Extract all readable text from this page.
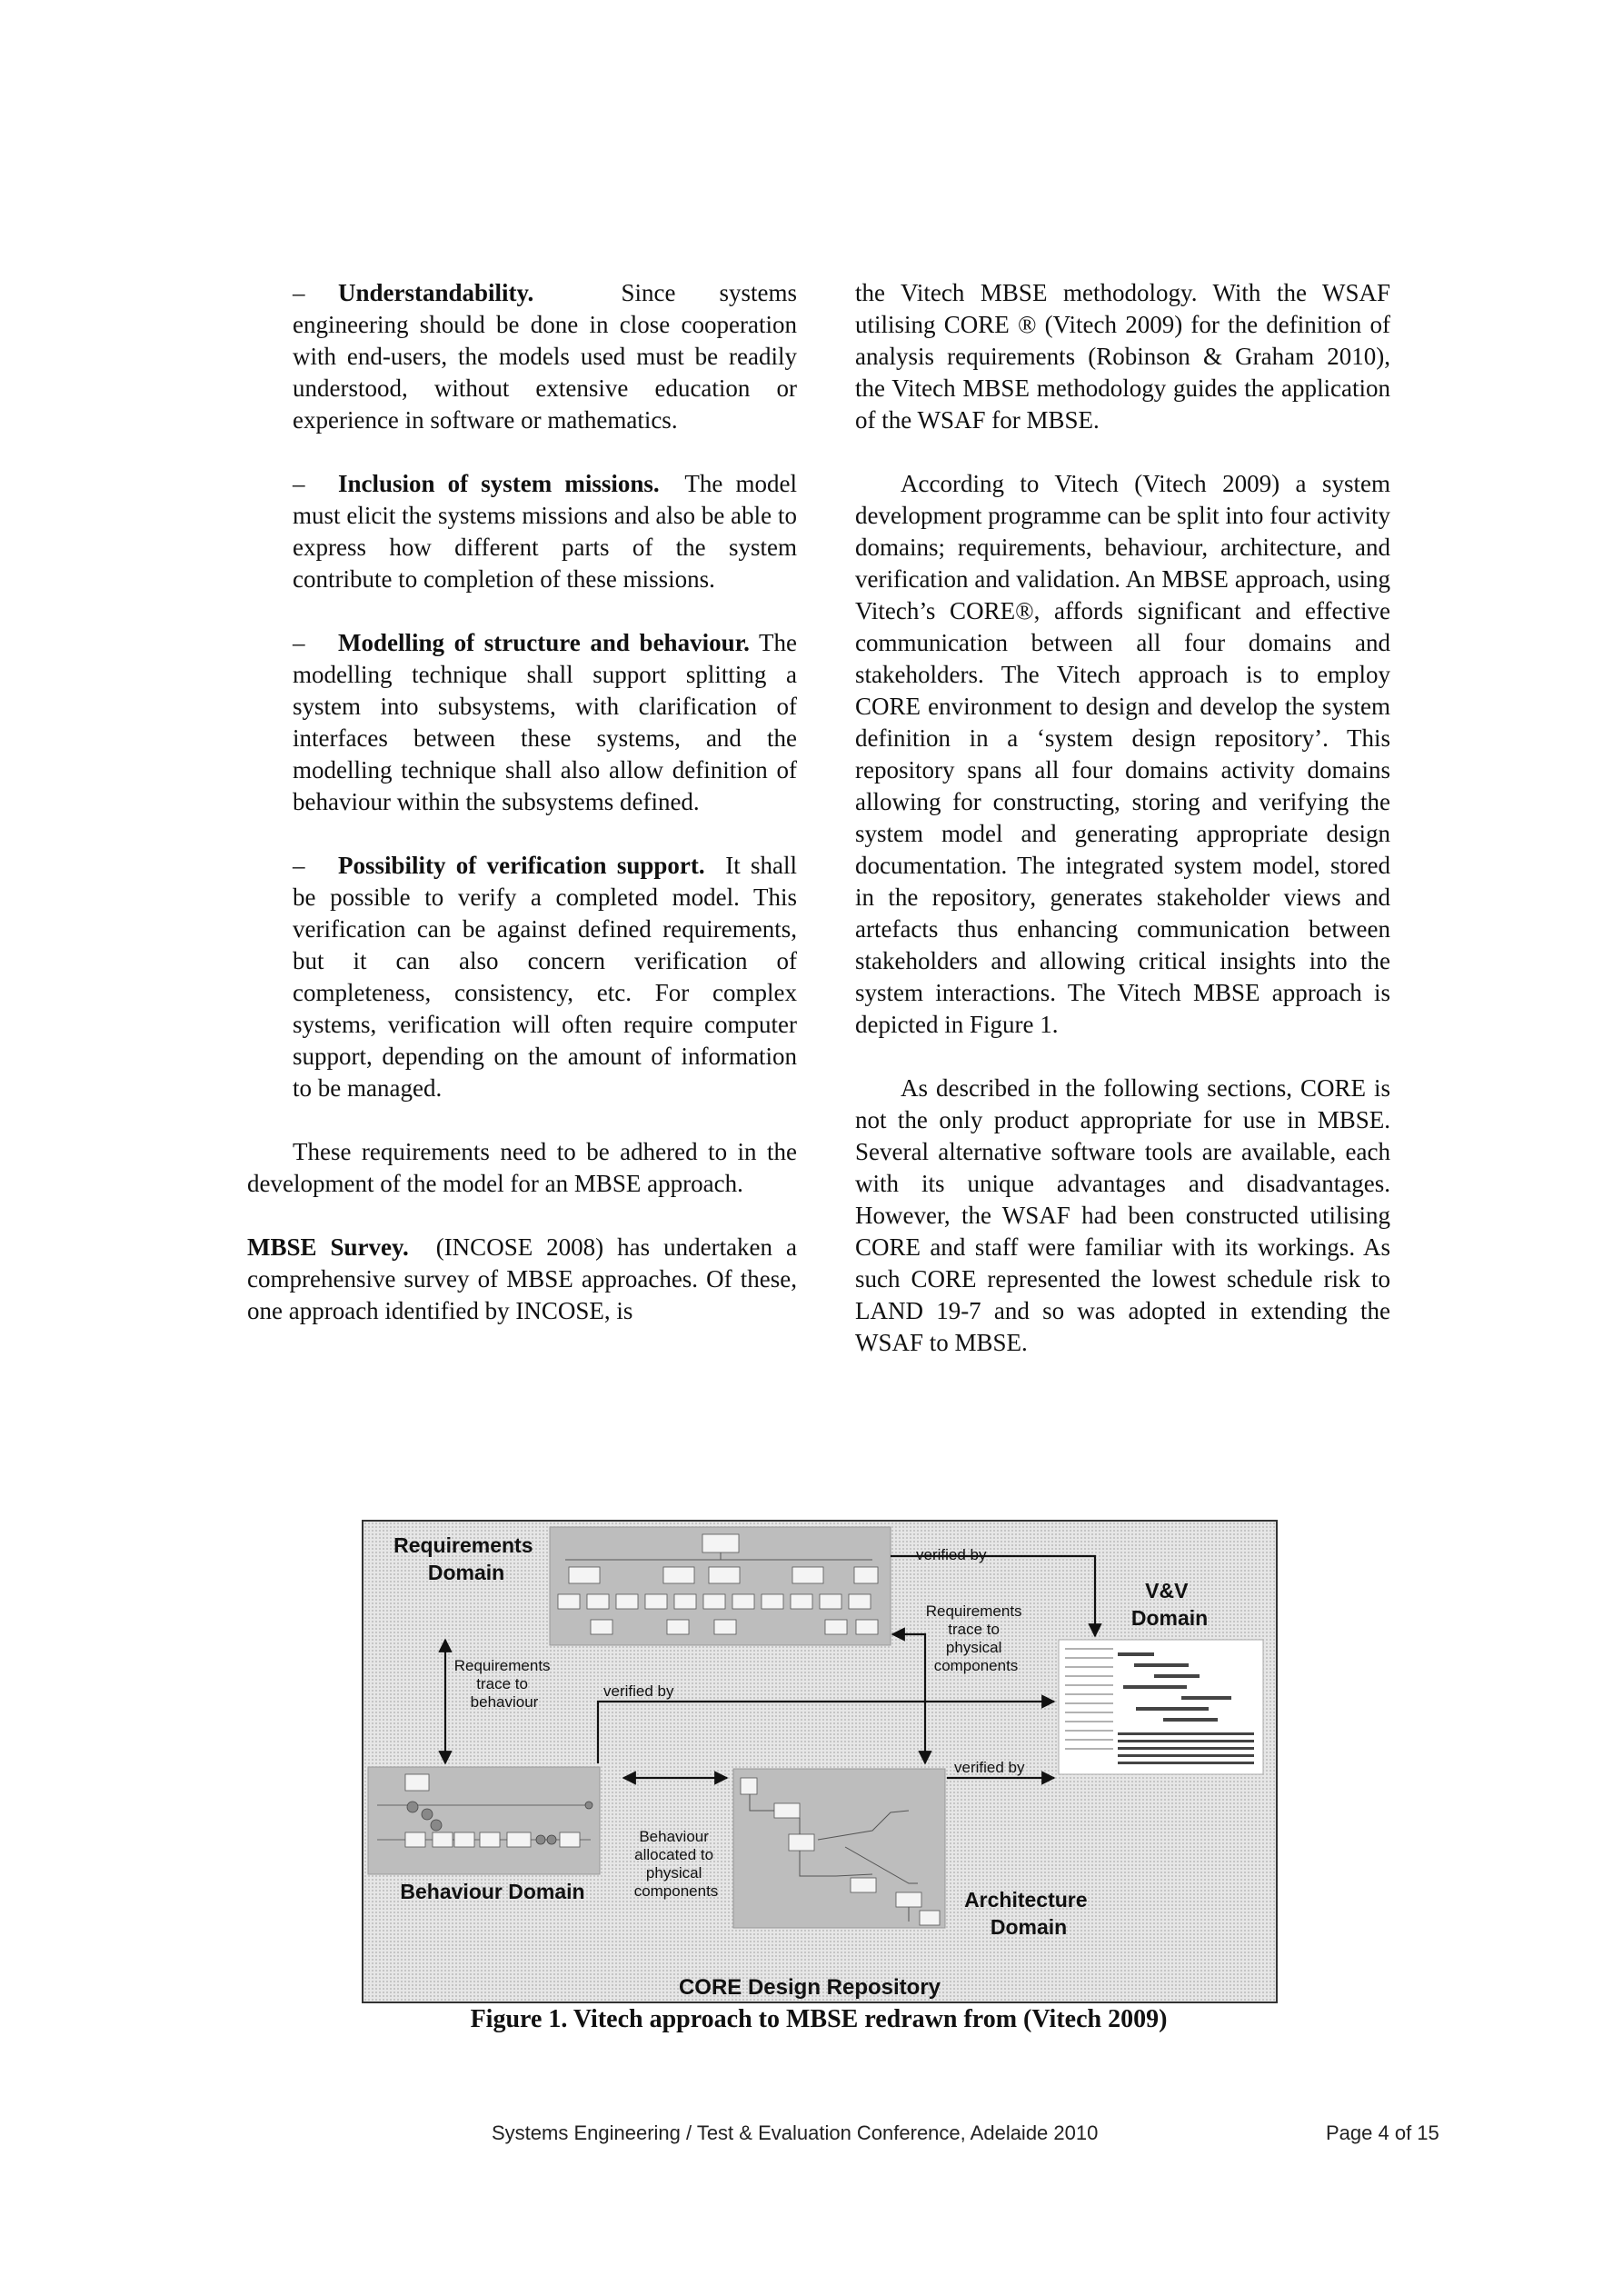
– Understandability.	Since systems engineering should be done in close cooperation with end-users, the models used must be readily understood, without extensive education or experience in software or mathematics.

– Inclusion of system missions. The model must elicit the systems missions and also be able to express how different parts of the system contribute to completion of these missions.

– Modelling of structure and behaviour. The modelling technique shall support splitting a system into subsystems, with clarification of interfaces between these systems, and the modelling technique shall also allow definition of behaviour within the subsystems defined.

– Possibility of verification support. It shall be possible to verify a completed model. This verification can be against defined requirements, but it can also concern verification of completeness, consistency, etc. For complex systems, verification will often require computer support, depending on the amount of information to be managed.

These requirements need to be adhered to in the development of the model for an MBSE approach.

MBSE Survey. (INCOSE 2008) has undertaken a comprehensive survey of MBSE approaches. Of these, one approach identified by INCOSE, is

the Vitech MBSE methodology. With the WSAF utilising CORE ® (Vitech 2009) for the definition of analysis requirements (Robinson & Graham 2010), the Vitech MBSE methodology guides the application of the WSAF for MBSE.

According to Vitech (Vitech 2009) a system development programme can be split into four activity domains; requirements, behaviour, architecture, and verification and validation. An MBSE approach, using Vitech’s CORE®, affords significant and effective communication between all four domains and stakeholders. The Vitech approach is to employ CORE environment to design and develop the system definition in a ‘system design repository’. This repository spans all four domains activity domains allowing for constructing, storing and verifying the system model and generating appropriate design documentation. The integrated system model, stored in the repository, generates stakeholder views and artefacts thus enhancing communication between stakeholders and allowing critical insights into the system interactions. The Vitech MBSE approach is depicted in Figure 1.

As described in the following sections, CORE is not the only product appropriate for use in MBSE. Several alternative software tools are available, each with its unique advantages and disadvantages. However, the WSAF had been constructed utilising CORE and staff were familiar with its workings. As such CORE represented the lowest schedule risk to LAND 19-7 and so was adopted in extending the WSAF to MBSE.

Requirements Domain
V&V Domain
Behaviour Domain	Architecture Domain
CORE Design Repository
verified by
verified by
verified by
Requirements trace to behaviour
Requirements trace to physical components
Behaviour allocated to physical components
Figure 1. Vitech approach to MBSE redrawn from (Vitech 2009)
Systems Engineering / Test & Evaluation Conference, Adelaide 2010	Page 4 of 15
